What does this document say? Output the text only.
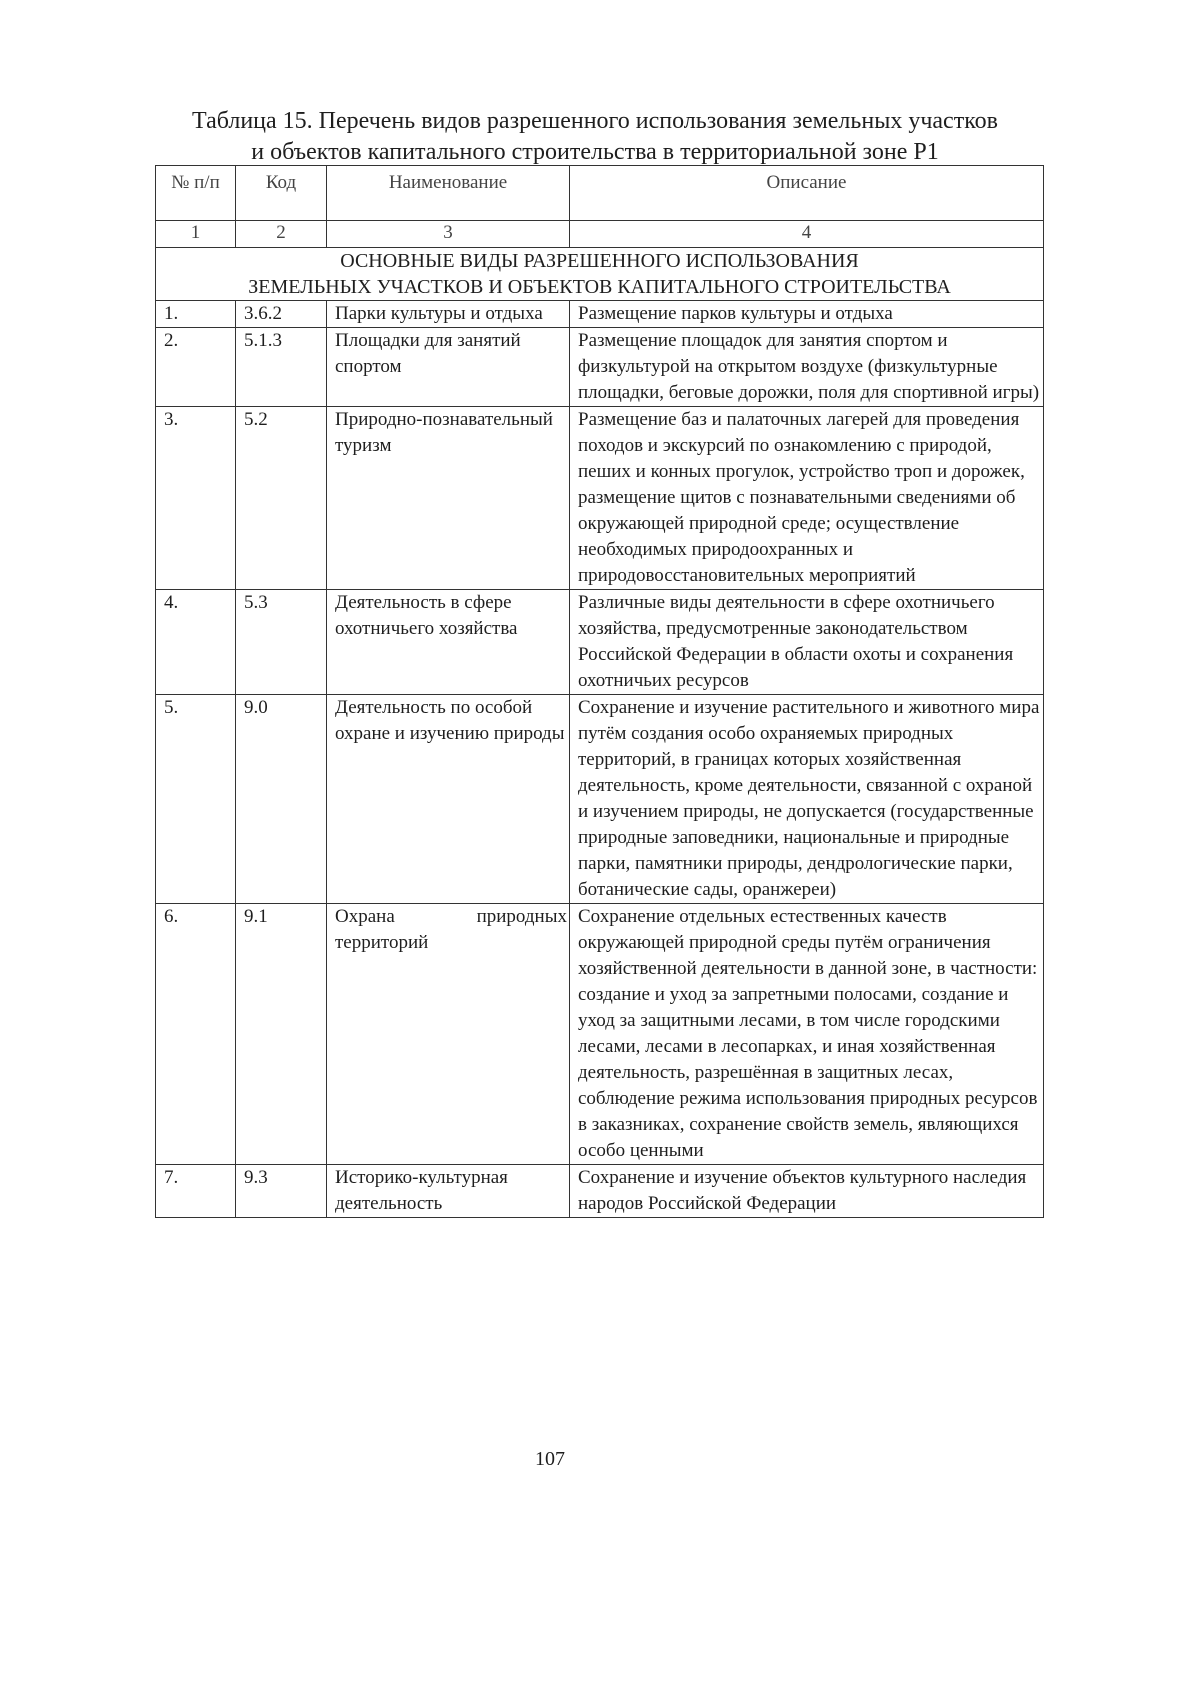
Таблица 15. Перечень видов разрешенного использования земельных участков
и объектов капитального строительства в территориальной зоне Р1
№ п/п	Код	Наименование	Описание
1	2	3	4

ОСНОВНЫЕ ВИДЫ РАЗРЕШЕННОГО ИСПОЛЬЗОВАНИЯ
ЗЕМЕЛЬНЫХ УЧАСТКОВ И ОБЪЕКТОВ КАПИТАЛЬНОГО СТРОИТЕЛЬСТВА			

1.	3.6.2	Парки культуры и отдыха	Размещение парков культуры и отдыха
2.	5.1.3	Площадки для занятий спортом	Размещение площадок для занятия спортом и физкультурой на открытом воздухе (физкультурные площадки, беговые дорожки, поля для спортивной игры)
3.	5.2	Природно-познавательный туризм	Размещение баз и палаточных лагерей для проведения походов и экскурсий по ознакомлению с природой, пеших и конных прогулок, устройство троп и дорожек, размещение щитов с познавательными сведениями об окружающей природной среде; осуществление необходимых природоохранных и природовосстановительных мероприятий
4.	5.3	Деятельность в сфере охотничьего хозяйства	Различные виды деятельности в сфере охотничьего хозяйства, предусмотренные законодательством Российской Федерации в области охоты и сохранения охотничьих ресурсов
5.	9.0	Деятельность по особой охране и изучению природы	Сохранение и изучение растительного и животного мира путём создания особо охраняемых природных территорий, в границах которых хозяйственная деятельность, кроме деятельности, связанной с охраной и изучением природы, не допускается (государственные природные заповедники, национальные и природные парки, памятники природы, дендрологические парки, ботанические сады, оранжереи)
6.	9.1	Охрана природных территорий	Сохранение отдельных естественных качеств окружающей природной среды путём ограничения хозяйственной деятельности в данной зоне, в частности: создание и уход за запретными полосами, создание и уход за защитными лесами, в том числе городскими лесами, лесами в лесопарках, и иная хозяйственная деятельность, разрешённая в защитных лесах, соблюдение режима использования природных ресурсов в заказниках, сохранение свойств земель, являющихся особо ценными
7.	9.3	Историко-культурная деятельность	Сохранение и изучение объектов культурного наследия народов Российской Федерации
107
